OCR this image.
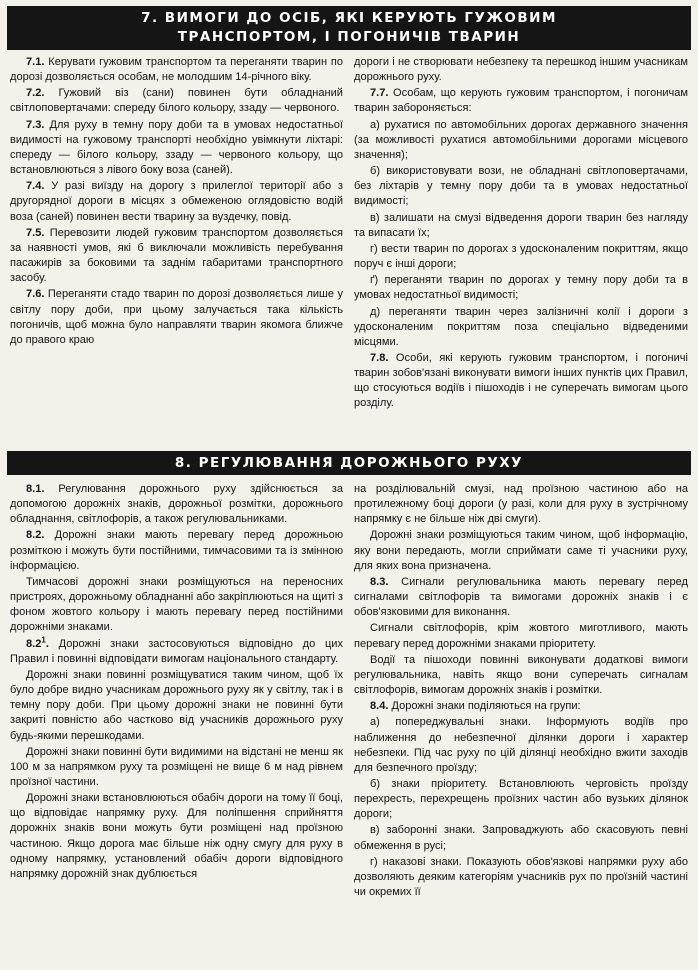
7. ВИМОГИ ДО ОСІБ, ЯКІ КЕРУЮТЬ ГУЖОВИМ
ТРАНСПОРТОМ, І ПОГОНИЧІВ ТВАРИН

7.1. Керувати гужовим транспортом та переганяти тварин по дорозі дозволяється особам, не молодшим 14-річного віку.

7.2. Гужовий віз (сани) повинен бути обладнаний світлоповертачами: спереду білого кольору, ззаду — червоного.

7.3. Для руху в темну пору доби та в умовах недостатньої видимості на гужовому транспорті необхідно увімкнути ліхтарі: спереду — білого кольору, ззаду — червоного кольору, що встановлюються з лівого боку воза (саней).

7.4. У разі виїзду на дорогу з прилеглої території або з другорядної дороги в місцях з обмеженою оглядовістю водій воза (саней) повинен вести тварину за вуздечку, повід.

7.5. Перевозити людей гужовим транспортом дозволяється за наявності умов, які б виключали можливість перебування пасажирів за боковими та заднім габаритами транспортного засобу.

7.6. Переганяти стадо тварин по дорозі дозволяється лише у світлу пору доби, при цьому залучається така кількість погоничів, щоб можна було направляти тварин якомога ближче до правого краю

дороги і не створювати небезпеку та перешкод іншим учасникам дорожнього руху.

7.7. Особам, що керують гужовим транспортом, і погоничам тварин забороняється:

а) рухатися по автомобільних дорогах державного значення (за можливості рухатися автомобільними дорогами місцевого значення);

б) використовувати вози, не обладнані світлоповертачами, без ліхтарів у темну пору доби та в умовах недостатньої видимості;

в) залишати на смузі відведення дороги тварин без нагляду та випасати їх;

г) вести тварин по дорогах з удосконаленим покриттям, якщо поруч є інші дороги;

ґ) переганяти тварин по дорогах у темну пору доби та в умовах недостатньої видимості;

д) переганяти тварин через залізничні колії і дороги з удосконаленим покриттям поза спеціально відведеними місцями.

7.8. Особи, які керують гужовим транспортом, і погоничі тварин зобов'язані виконувати вимоги інших пунктів цих Правил, що стосуються водіїв і пішоходів і не суперечать вимогам цього розділу.

8. РЕГУЛЮВАННЯ ДОРОЖНЬОГО РУХУ

8.1. Регулювання дорожнього руху здійснюється за допомогою дорожніх знаків, дорожньої розмітки, дорожнього обладнання, світлофорів, а також регулювальниками.

8.2. Дорожні знаки мають перевагу перед дорожньою розміткою і можуть бути постійними, тимчасовими та із змінною інформацією.

Тимчасові дорожні знаки розміщуються на переносних пристроях, дорожньому обладнанні або закріплюються на щиті з фоном жовтого кольору і мають перевагу перед постійними дорожніми знаками.

$8.2^1$. Дорожні знаки застосовуються відповідно до цих Правил і повинні відповідати вимогам національного стандарту.

Дорожні знаки повинні розміщуватися таким чином, щоб їх було добре видно учасникам дорожнього руху як у світлу, так і в темну пору доби. При цьому дорожні знаки не повинні бути закриті повністю або частково від учасників дорожнього руху будь-якими перешкодами.

Дорожні знаки повинні бути видимими на відстані не менш як 100 м за напрямком руху та розміщені не вище 6 м над рівнем проїзної частини.

Дорожні знаки встановлюються обабіч дороги на тому її боці, що відповідає напрямку руху. Для поліпшення сприйняття дорожніх знаків вони можуть бути розміщені над проїзною частиною. Якщо дорога має більше ніж одну смугу для руху в одному напрямку, установлений обабіч дороги відповідного напрямку дорожній знак дублюється

на розділювальній смузі, над проїзною частиною або на протилежному боці дороги (у разі, коли для руху в зустрічному напрямку є не більше ніж дві смуги).

Дорожні знаки розміщуються таким чином, щоб інформацію, яку вони передають, могли сприймати саме ті учасники руху, для яких вона призначена.

8.3. Сигнали регулювальника мають перевагу перед сигналами світлофорів та вимогами дорожніх знаків і є обов'язковими для виконання.

Сигнали світлофорів, крім жовтого миготливого, мають перевагу перед дорожніми знаками пріоритету.

Водії та пішоходи повинні виконувати додаткові вимоги регулювальника, навіть якщо вони суперечать сигналам світлофорів, вимогам дорожніх знаків і розмітки.

8.4. Дорожні знаки поділяються на групи:

а) попереджувальні знаки. Інформують водіїв про наближення до небезпечної ділянки дороги і характер небезпеки. Під час руху по цій ділянці необхідно вжити заходів для безпечного проїзду;

б) знаки пріоритету. Встановлюють черговість проїзду перехресть, перехрещень проїзних частин або вузьких ділянок дороги;

в) заборонні знаки. Запроваджують або скасовують певні обмеження в русі;

г) наказові знаки. Показують обов'язкові напрямки руху або дозволяють деяким категоріям учасників рух по проїзній частині чи окремих її
